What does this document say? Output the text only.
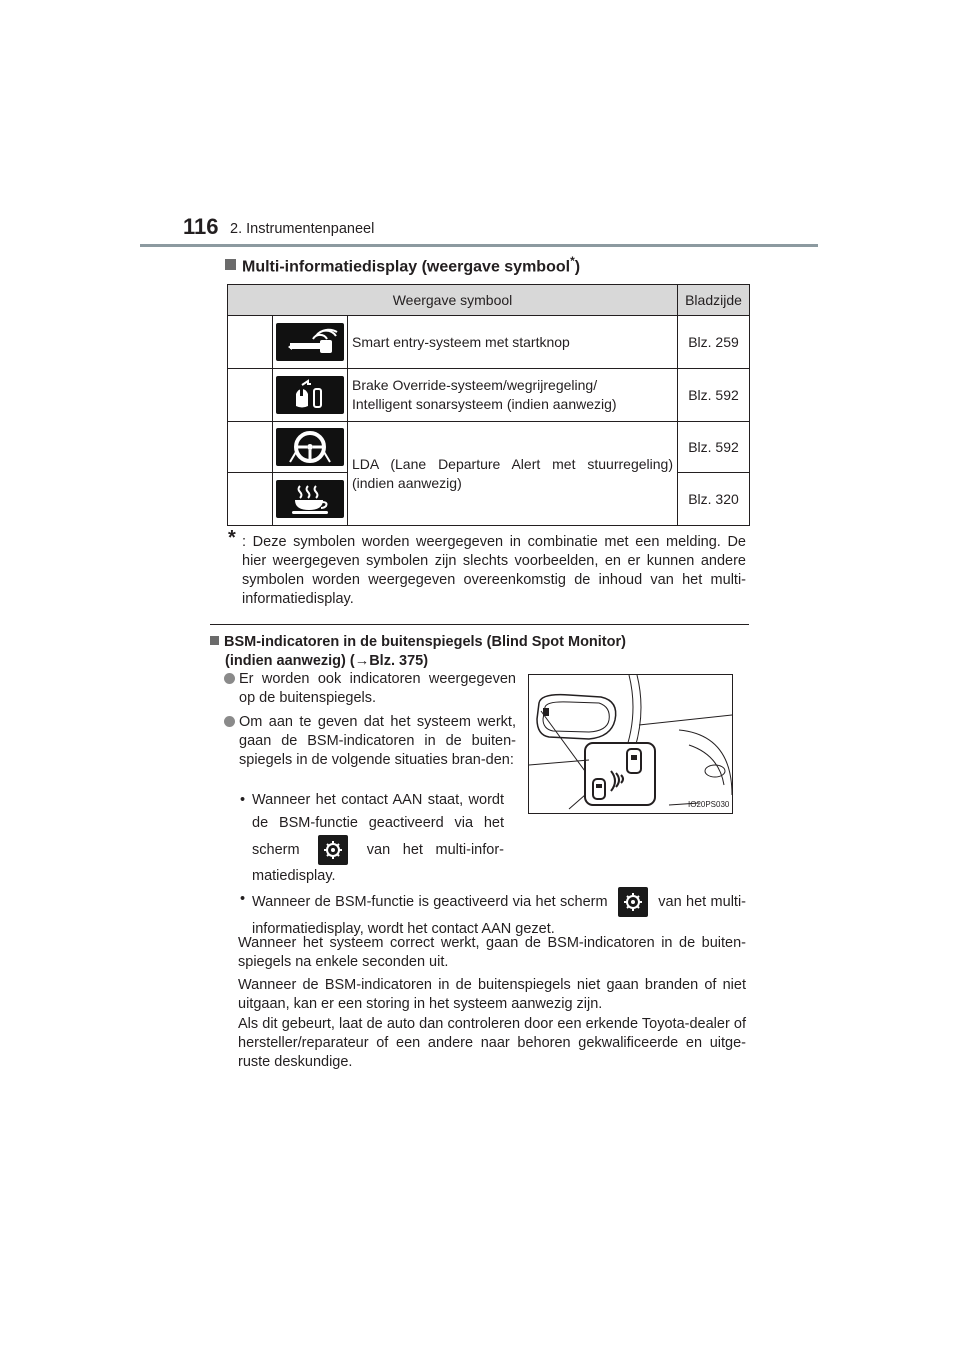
116 2. Instrumentenpaneel
Multi-informatiedisplay (weergave symbool*)
Weergave symbool			Bladzijde

	Smart entry-systeem met startknop	Blz. 259

Brake Override-systeem/wegrijregeling/
Intelligent sonarsysteem (indien aanwezig)	Blz. 592

	LDA (Lane Departure Alert met stuurregeling) (indien aanwezig)	Blz. 592

	Blz. 320
* : Deze symbolen worden weergegeven in combinatie met een melding. De hier weergegeven symbolen zijn slechts voorbeelden, en er kunnen andere symbolen worden weergegeven overeenkomstig de inhoud van het multi-informatiedisplay.
BSM-indicatoren in de buitenspiegels (Blind Spot Monitor)
(indien aanwezig) (→Blz. 375)
Er worden ook indicatoren weergegeven op de buitenspiegels.
Om aan te geven dat het systeem werkt, gaan de BSM-indicatoren in de buiten-spiegels in de volgende situaties bran-den:
• Wanneer het contact AAN staat, wordt de BSM-functie geactiveerd via het scherm	van het multi-infor-matiedisplay.
IO20PS030
• Wanneer de BSM-functie is geactiveerd via het scherm	van het multi-informatiedisplay, wordt het contact AAN gezet.
Wanneer het systeem correct werkt, gaan de BSM-indicatoren in de buiten-spiegels na enkele seconden uit.
Wanneer de BSM-indicatoren in de buitenspiegels niet gaan branden of niet uitgaan, kan er een storing in het systeem aanwezig zijn.
Als dit gebeurt, laat de auto dan controleren door een erkende Toyota-dealer of hersteller/reparateur of een andere naar behoren gekwalificeerde en uitge-ruste deskundige.
